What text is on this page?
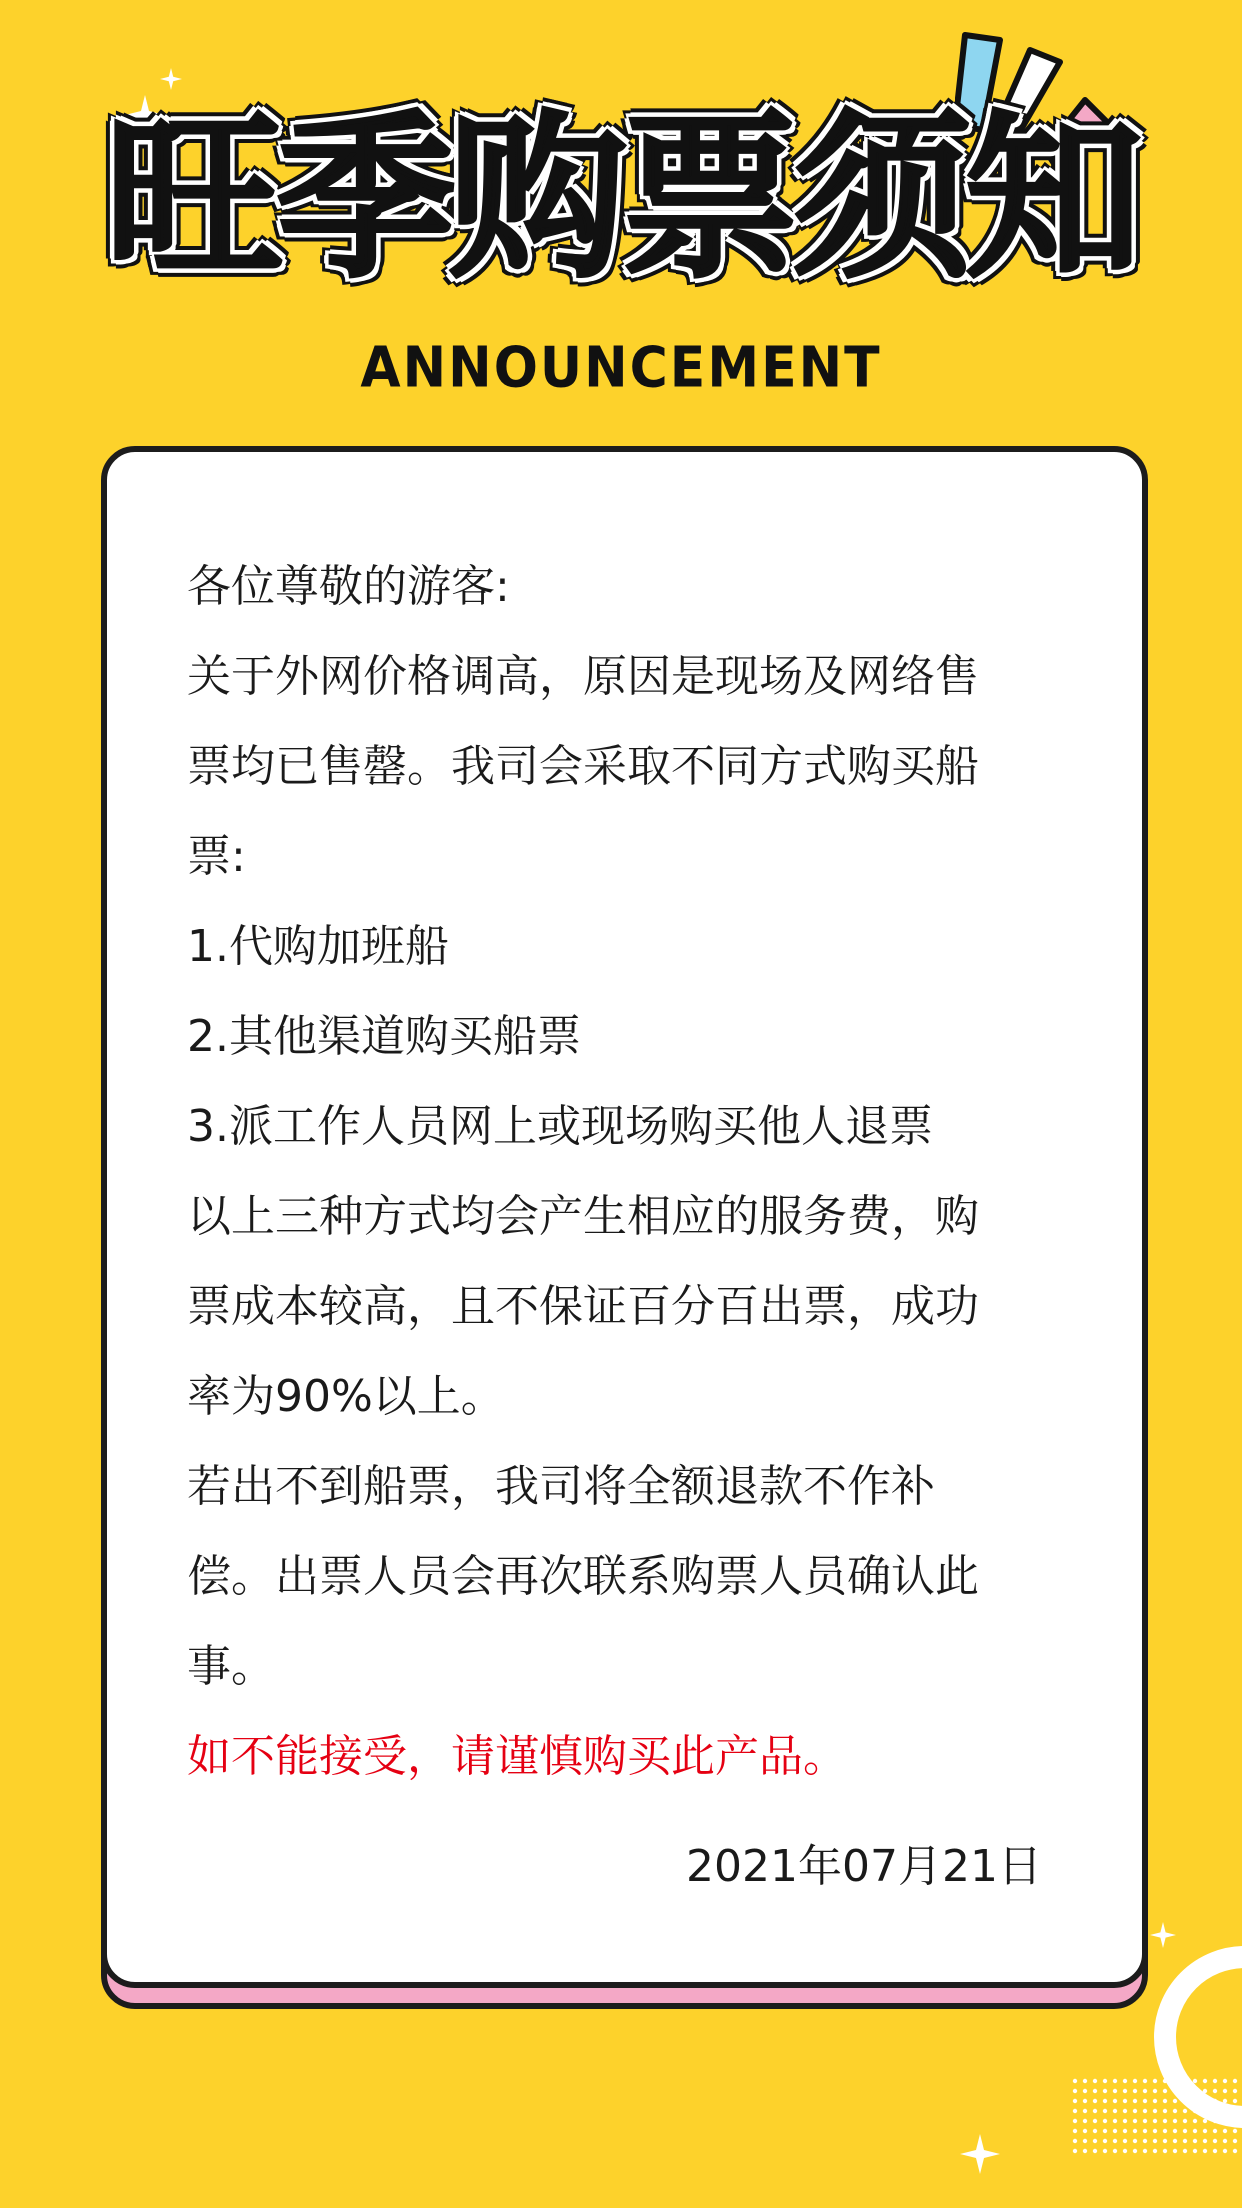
旺季购票须知
ANNOUNCEMENT

各位尊敬的游客:

关于外网价格调高，原因是现场及网络售

票均已售罄。我司会采取不同方式购买船

票:

1.代购加班船

2.其他渠道购买船票

3.派工作人员网上或现场购买他人退票

以上三种方式均会产生相应的服务费，购

票成本较高，且不保证百分百出票，成功

率为90%以上。

若出不到船票，我司将全额退款不作补

偿。出票人员会再次联系购票人员确认此

事。

如不能接受，请谨慎购买此产品。

2021年07月21日
